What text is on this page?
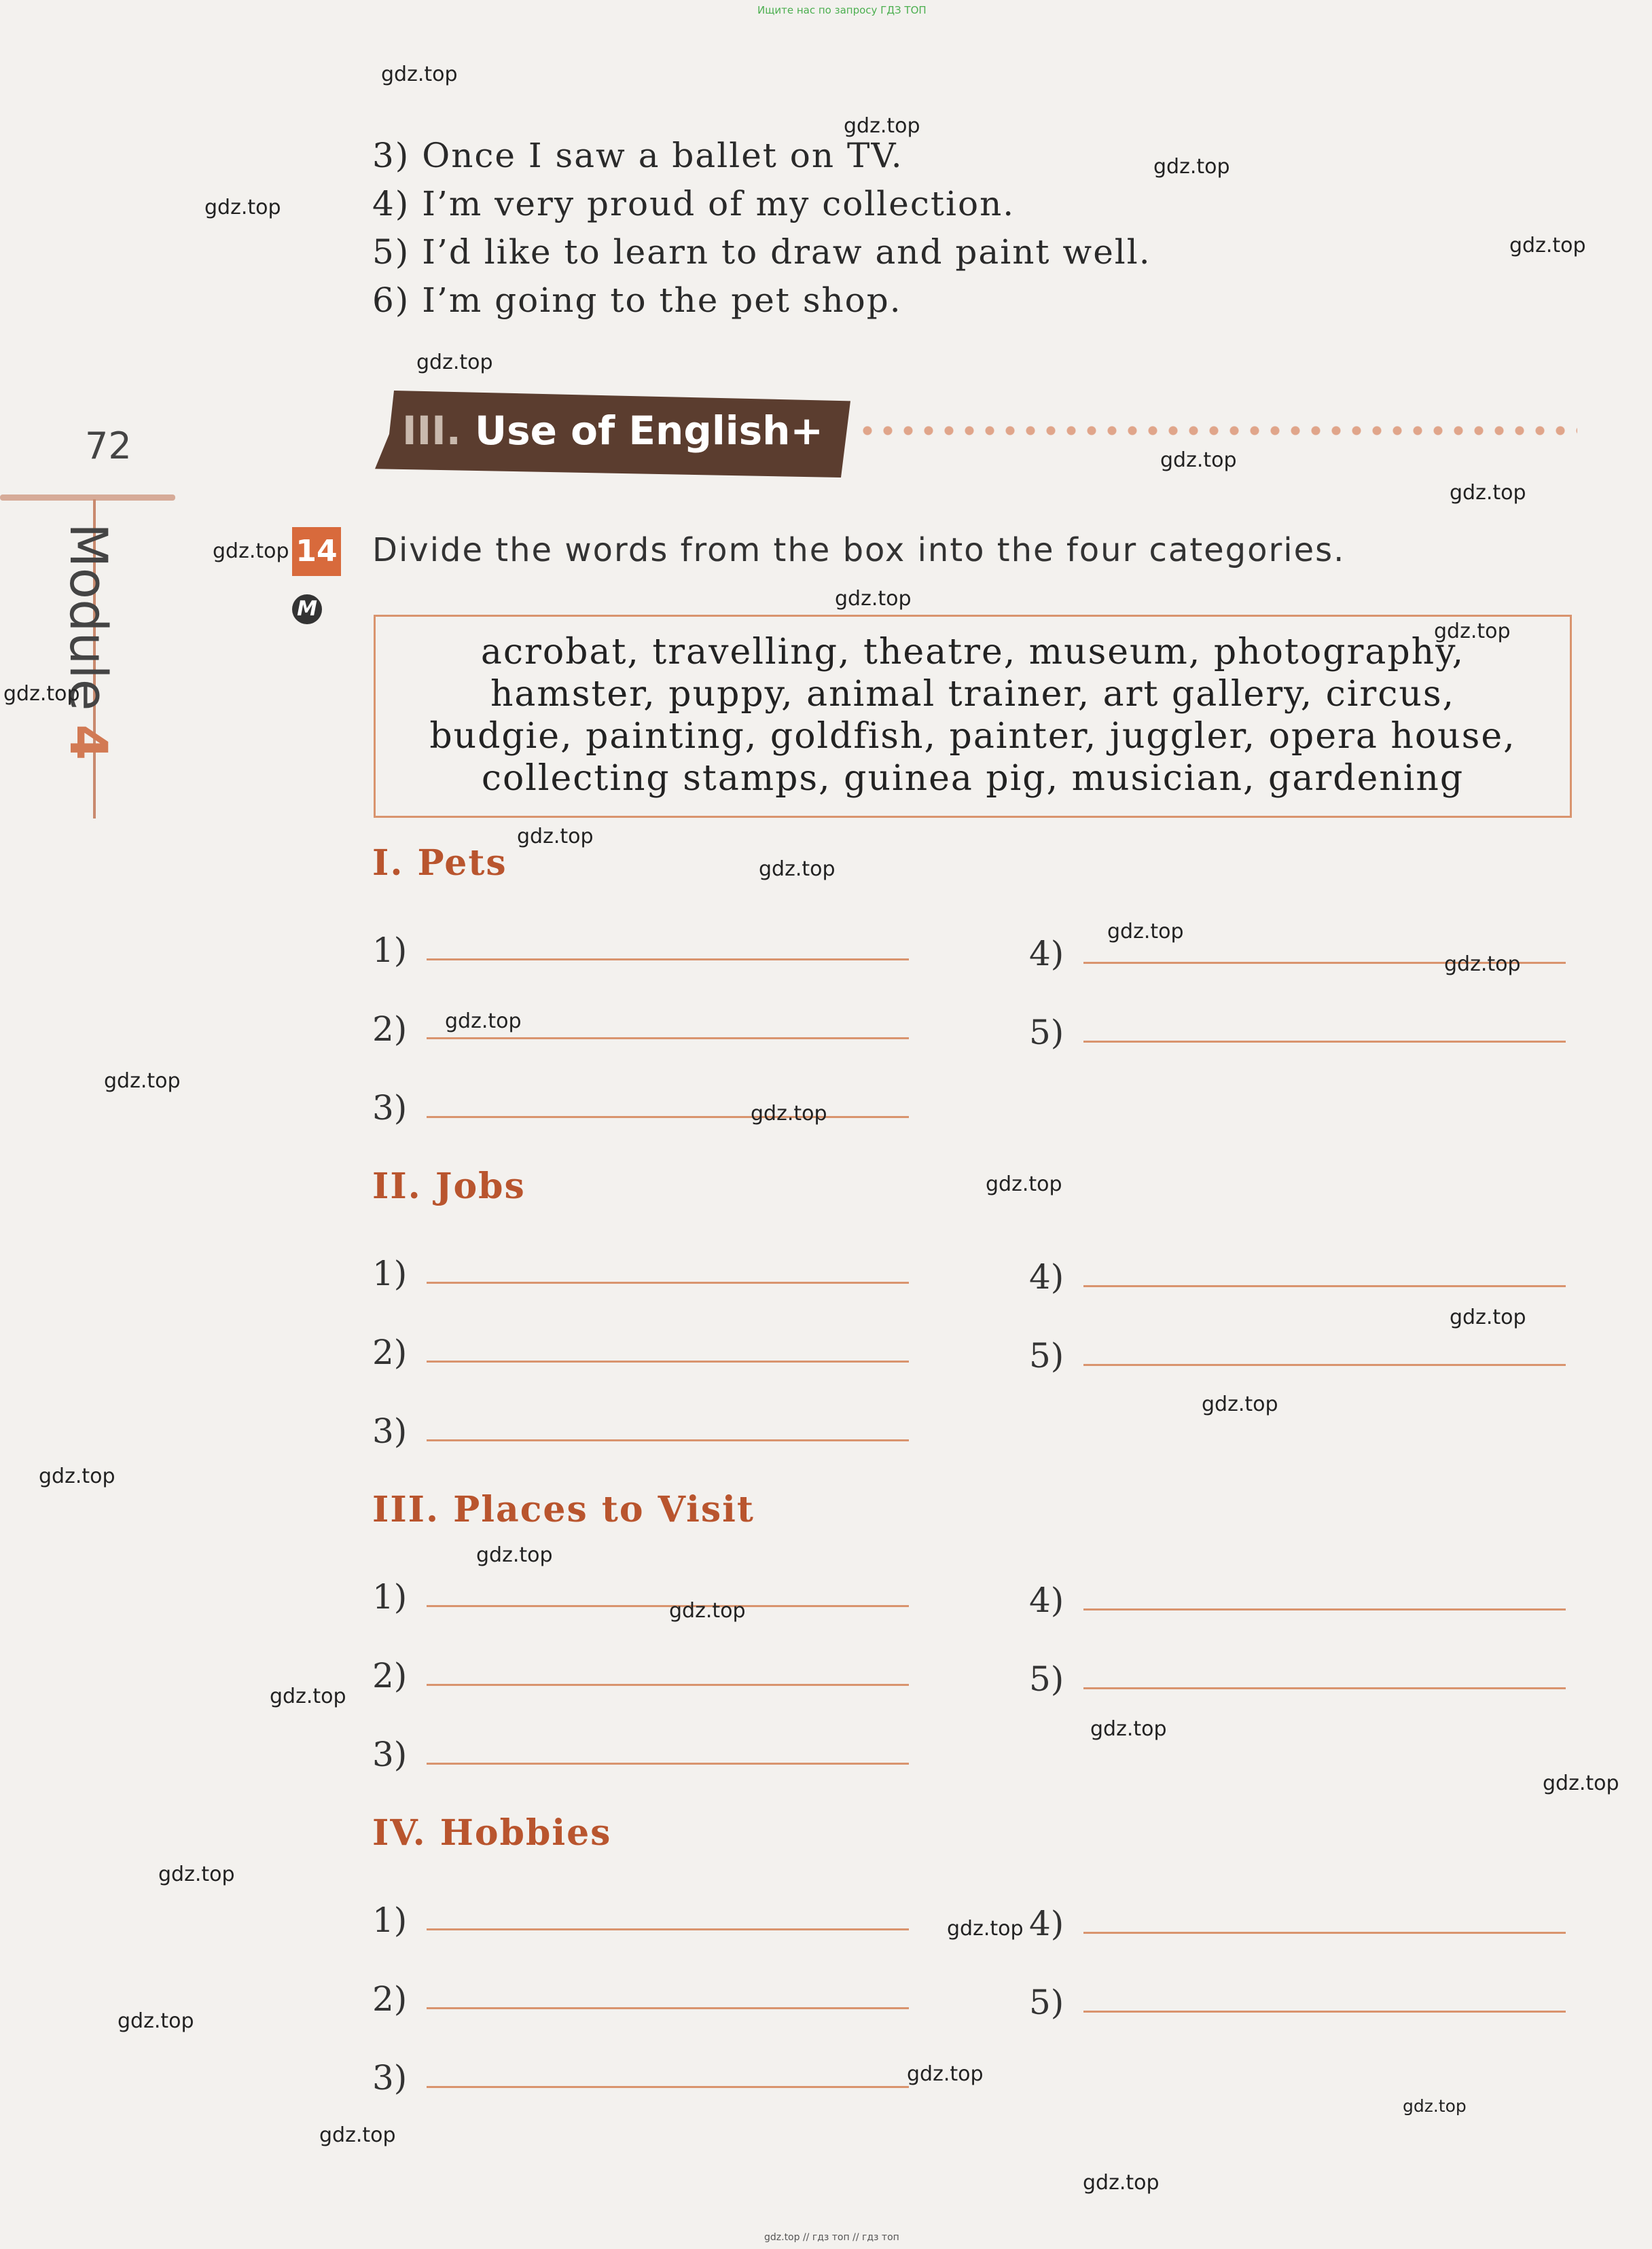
Ищите нас по запросу ГДЗ ТОП
gdz.top // гдз топ // гдз топ
72
Module4
3) Once I saw a ballet on TV.
4) I’m very proud of my collection.
5) I’d like to learn to draw and paint well.
6) I’m going to the pet shop.
III. Use of English+
14
M
Divide the words from the box into the four categories.
acrobat, travelling, theatre, museum, photography,
hamster, puppy, animal trainer, art gallery, circus,
budgie, painting, goldfish, painter, juggler, opera house,
collecting stamps, guinea pig, musician, gardening
I. Pets
1)
2)
3)
4)
5)
II. Jobs
1)
2)
3)
4)
5)
III. Places to Visit
1)
2)
3)
4)
5)
IV. Hobbies
1)
2)
3)
4)
5)
gdz.top
gdz.top
gdz.top
gdz.top
gdz.top
gdz.top
gdz.top
gdz.top
gdz.top
gdz.top
gdz.top
gdz.top
gdz.top
gdz.top
gdz.top
gdz.top
gdz.top
gdz.top
gdz.top
gdz.top
gdz.top
gdz.top
gdz.top
gdz.top
gdz.top
gdz.top
gdz.top
gdz.top
gdz.top
gdz.top
gdz.top
gdz.top
gdz.top
gdz.top
gdz.top
